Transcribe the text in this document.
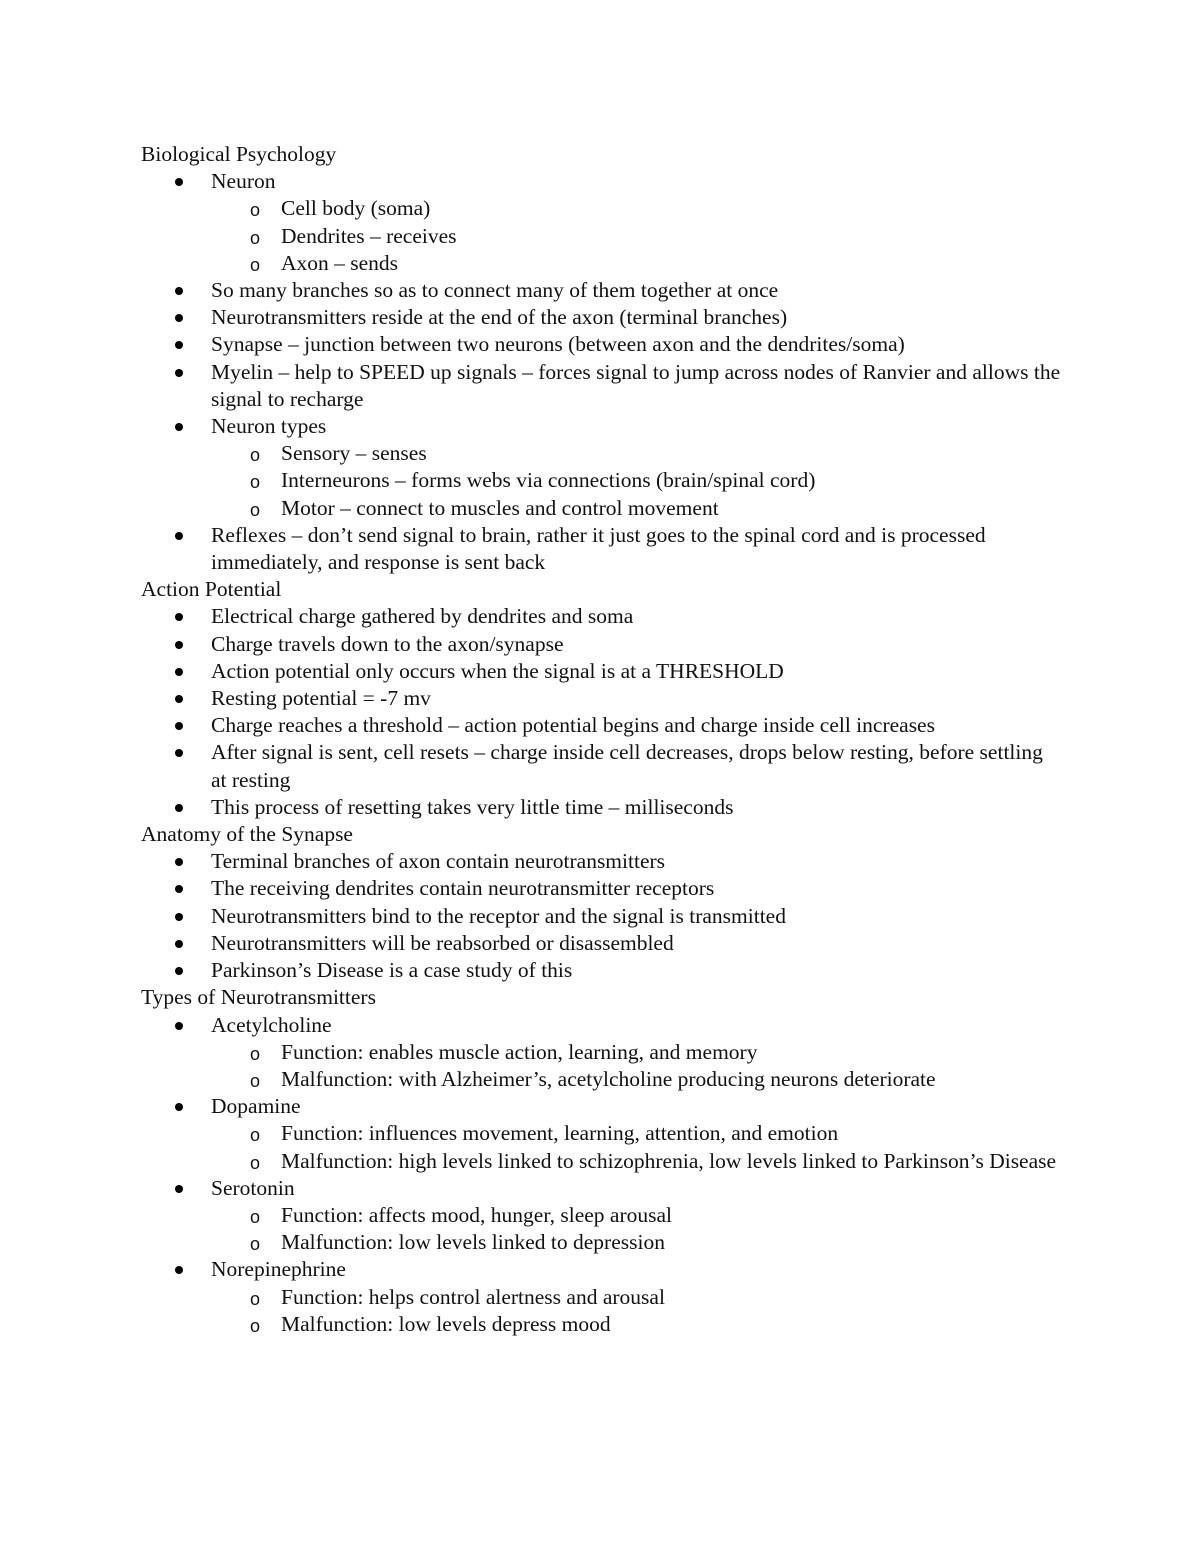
Biological Psychology
Neuron
o Cell body (soma)
o Dendrites – receives
o Axon – sends
So many branches so as to connect many of them together at once
Neurotransmitters reside at the end of the axon (terminal branches)
Synapse – junction between two neurons (between axon and the dendrites/soma)
Myelin – help to SPEED up signals – forces signal to jump across nodes of Ranvier and allows the signal to recharge
Neuron types
o Sensory – senses
o Interneurons – forms webs via connections (brain/spinal cord)
o Motor – connect to muscles and control movement
Reflexes – don’t send signal to brain, rather it just goes to the spinal cord and is processed immediately, and response is sent back
Action Potential
Electrical charge gathered by dendrites and soma
Charge travels down to the axon/synapse
Action potential only occurs when the signal is at a THRESHOLD
Resting potential = -7 mv
Charge reaches a threshold – action potential begins and charge inside cell increases
After signal is sent, cell resets – charge inside cell decreases, drops below resting, before settling at resting
This process of resetting takes very little time – milliseconds
Anatomy of the Synapse
Terminal branches of axon contain neurotransmitters
The receiving dendrites contain neurotransmitter receptors
Neurotransmitters bind to the receptor and the signal is transmitted
Neurotransmitters will be reabsorbed or disassembled
Parkinson’s Disease is a case study of this
Types of Neurotransmitters
Acetylcholine
o Function: enables muscle action, learning, and memory
o Malfunction: with Alzheimer’s, acetylcholine producing neurons deteriorate
Dopamine
o Function: influences movement, learning, attention, and emotion
o Malfunction: high levels linked to schizophrenia, low levels linked to Parkinson’s Disease
Serotonin
o Function: affects mood, hunger, sleep arousal
o Malfunction: low levels linked to depression
Norepinephrine
o Function: helps control alertness and arousal
o Malfunction: low levels depress mood
